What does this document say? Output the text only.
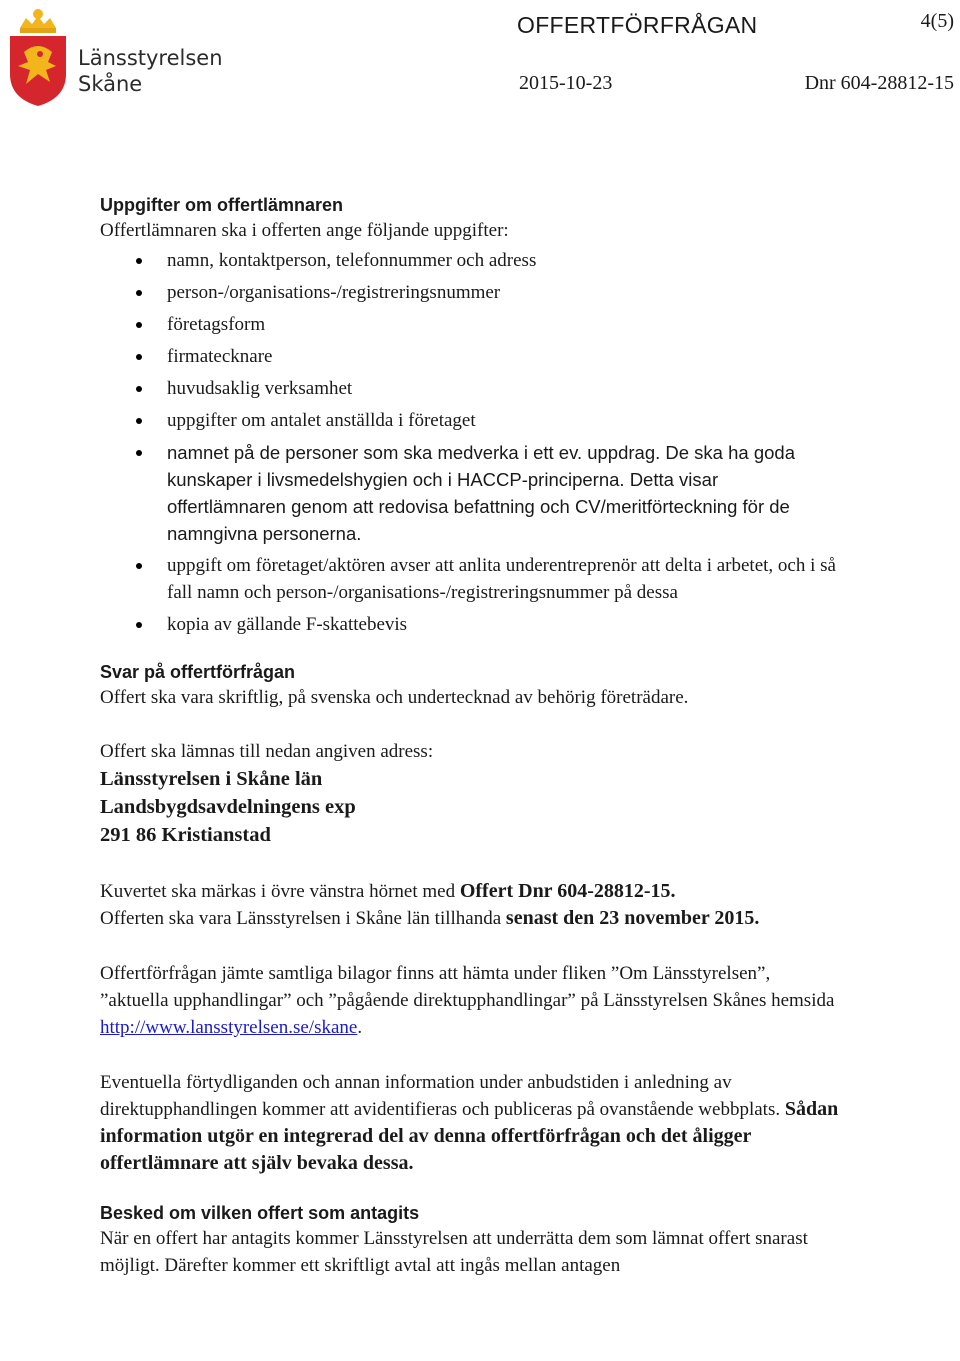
Länsstyrelsen
Skåne
OFFERTFÖRFRÅGAN	4(5)
2015-10-23	Dnr 604-28812-15
Uppgifter om offertlämnaren

Offertlämnaren ska i offerten ange följande uppgifter:

namn, kontaktperson, telefonnummer och adress
person-/organisations-/registreringsnummer
företagsform
firmatecknare
huvudsaklig verksamhet
uppgifter om antalet anställda i företaget
namnet på de personer som ska medverka i ett ev. uppdrag. De ska ha goda kunskaper i livsmedelshygien och i HACCP-principerna. Detta visar offertlämnaren genom att redovisa befattning och CV/meritförteckning för de namngivna personerna.
uppgift om företaget/aktören avser att anlita underentreprenör att delta i arbetet, och i så fall namn och person-/organisations-/registreringsnummer på dessa
kopia av gällande F-skattebevis
Svar på offertförfrågan

Offert ska vara skriftlig, på svenska och undertecknad av behörig företrädare.

Offert ska lämnas till nedan angiven adress:

Länsstyrelsen i Skåne län
Landsbygdsavdelningens exp
291 86 Kristianstad

Kuvertet ska märkas i övre vänstra hörnet med Offert Dnr 604-28812-15.
Offerten ska vara Länsstyrelsen i Skåne län tillhanda senast den 23 november 2015.

Offertförfrågan jämte samtliga bilagor finns att hämta under fliken ”Om Länsstyrelsen”, ”aktuella upphandlingar” och ”pågående direktupphandlingar” på Länsstyrelsen Skånes hemsida http://www.lansstyrelsen.se/skane.

Eventuella förtydliganden och annan information under anbudstiden i anledning av direktupphandlingen kommer att avidentifieras och publiceras på ovanstående webbplats. Sådan information utgör en integrerad del av denna offertförfrågan och det åligger offertlämnare att själv bevaka dessa.

Besked om vilken offert som antagits

När en offert har antagits kommer Länsstyrelsen att underrätta dem som lämnat offert snarast möjligt. Därefter kommer ett skriftligt avtal att ingås mellan antagen
